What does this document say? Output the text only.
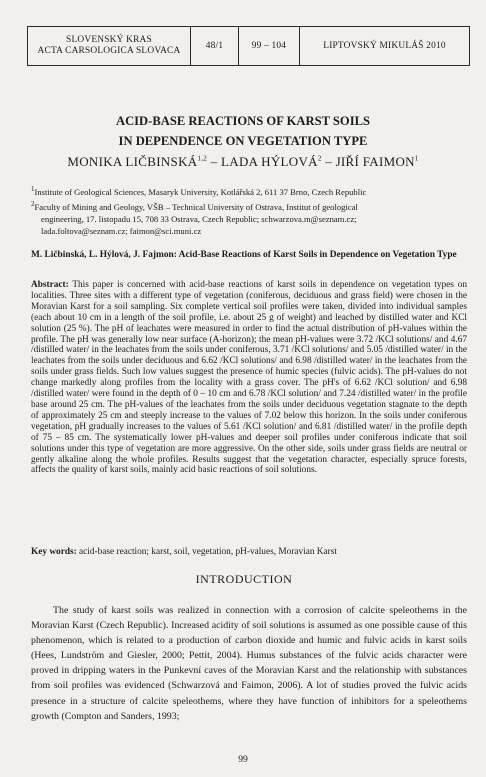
SLOVENSKÝ KRAS
ACTA CARSOLOGICA SLOVACA	48/1	99 – 104	LIPTOVSKÝ MIKULÁŠ 2010
ACID-BASE REACTIONS OF KARST SOILS
IN DEPENDENCE ON VEGETATION TYPE
MONIKA LIČBINSKÁ$^{1,2}$ – LADA HÝLOVÁ$^2$ – JIŘÍ FAIMON$^1$

$^1$Institute of Geological Sciences, Masaryk University, Kotlářská 2, 611 37 Brno, Czech Republic

$^2$Faculty of Mining and Geology, VŠB – Technical University of Ostrava, Institut of geological

engineering, 17. listopadu 15, 708 33 Ostrava, Czech Republic; schwarzova.m@seznam.cz;

lada.foltova@seznam.cz; faimon@sci.muni.cz

M. Ličbinská, L. Hýlová, J. Fajmon: Acid-Base Reactions of Karst Soils in Dependence on Vegetation Type
Abstract: This paper is concerned with acid-base reactions of karst soils in dependence on vegetation types on localities. Three sites with a different type of vegetation (coniferous, deciduous and grass field) were chosen in the Moravian Karst for a soil sampling. Six complete vertical soil profiles were taken, divided into individual samples (each about 10 cm in a length of the soil profile, i.e. about 25 g of weight) and leached by distilled water and KCl solution (25 %). The pH of leachates were measured in order to find the actual distribution of pH-values within the profile. The pH was generally low near surface (A-horizon); the mean pH-values were 3.72 /KCl solutions/ and 4.67 /distilled water/ in the leachates from the soils under coniferous, 3.71 /KCl solutions/ and 5.05 /distilled water/ in the leachates from the soils under deciduous and 6.62 /KCl solutions/ and 6.98 /distilled water/ in the leachates from the soils under grass fields. Such low values suggest the presence of humic species (fulvic acids). The pH-values do not change markedly along profiles from the locality with a grass cover. The pH's of 6.62 /KCl solution/ and 6.98 /distilled water/ were found in the depth of 0 – 10 cm and 6.78 /KCl solution/ and 7.24 /distilled water/ in the profile base around 25 cm. The pH-values of the leachates from the soils under deciduous vegetation stagnate to the depth of approximately 25 cm and steeply increase to the values of 7.02 below this horizon. In the soils under coniferous vegetation, pH gradually increases to the values of 5.61 /KCl solution/ and 6.81 /distilled water/ in the profile depth of 75 – 85 cm. The systematically lower pH-values and deeper soil profiles under coniferous indicate that soil solutions under this type of vegetation are more aggressive. On the other side, soils under grass fields are neutral or gently alkaline along the whole profiles. Results suggest that the vegetation character, especially spruce forests, affects the quality of karst soils, mainly acid basic reactions of soil solutions.
Key words: acid-base reaction; karst, soil, vegetation, pH-values, Moravian Karst
INTRODUCTION
The study of karst soils was realized in connection with a corrosion of calcite speleothems in the Moravian Karst (Czech Republic). Increased acidity of soil solutions is assumed as one possible cause of this phenomenon, which is related to a production of carbon dioxide and humic and fulvic acids in karst soils (Hees, Lundström and Giesler, 2000; Pettit, 2004). Humus substances of the fulvic acids character were proved in dripping waters in the Punkevní caves of the Moravian Karst and the relationship with substances from soil profiles was evidenced (Schwarzová and Faimon, 2006). A lot of studies proved the fulvic acids presence in a structure of calcite speleothems, where they have function of inhibitors for a speleothems growth (Compton and Sanders, 1993;
99
